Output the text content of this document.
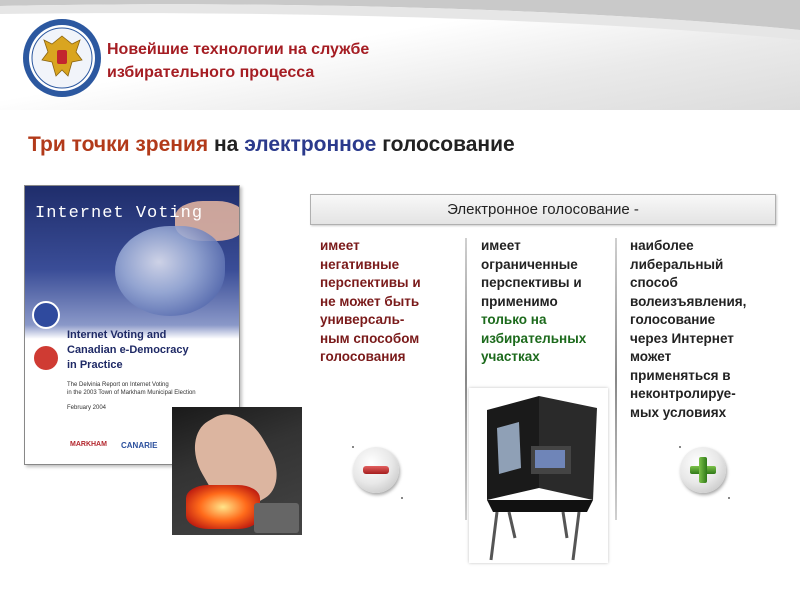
Новейшие технологии на службе
избирательного процесса
Три точки зрения на электронное голосование
Internet Voting
Internet Voting and
Canadian e-Democracy
in Practice
The Delvinia Report on Internet Voting
in the 2003 Town of Markham Municipal Election
February 2004
MARKHAM CANARIE
Электронное голосование -
имеет
негативные
перспективы и
не может быть
универсаль-
ным способом
голосования
имеет
ограниченные
перспективы и
применимо
только на
избирательных
участках
наиболее
либеральный
способ
волеизъявления,
голосование
через Интернет
может
применяться в
неконтролируе-
мых условиях
